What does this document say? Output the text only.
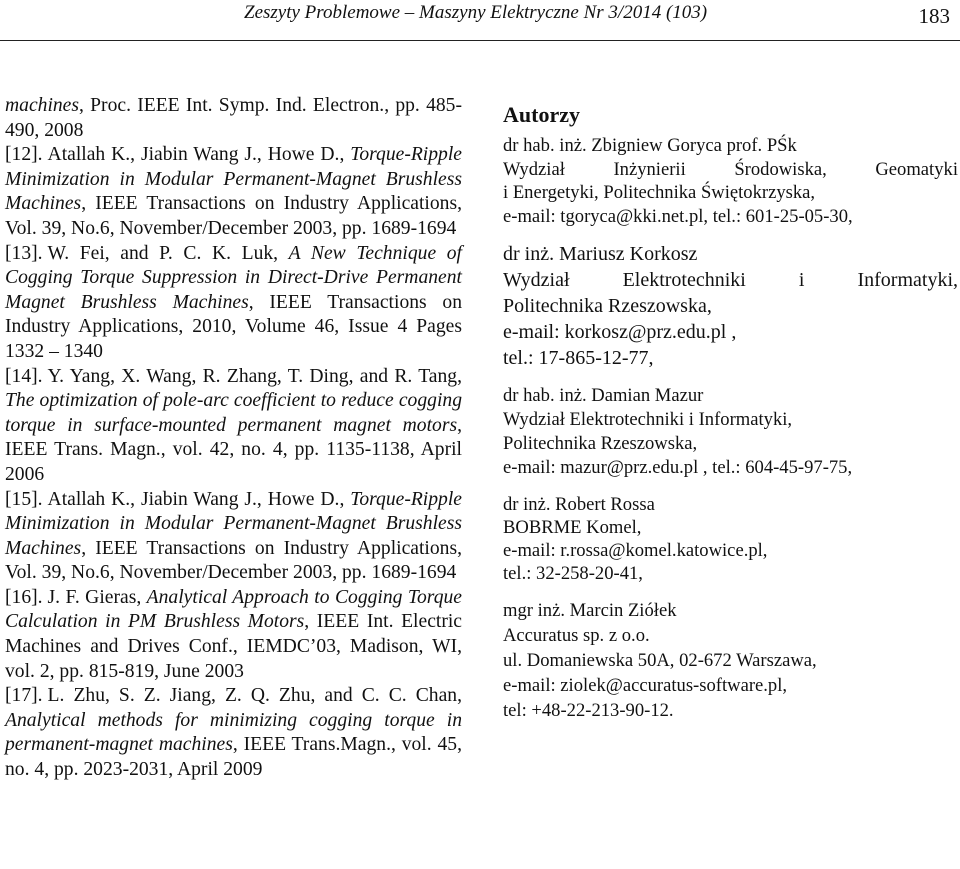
Zeszyty Problemowe – Maszyny Elektryczne Nr 3/2014 (103)	183

machines, Proc. IEEE Int. Symp. Ind. Electron., pp. 485-490, 2008

[12]. Atallah K., Jiabin Wang J., Howe D., Torque-Ripple Minimization in Modular Permanent-Magnet Brushless Machines, IEEE Transactions on Industry Applications, Vol. 39, No.6, November/December 2003, pp. 1689-1694

[13]. W. Fei, and P. C. K. Luk, A New Technique of Cogging Torque Suppression in Direct-Drive Permanent Magnet Brushless Machines, IEEE Transactions on Industry Applications, 2010, Volume 46, Issue 4 Pages 1332 – 1340

[14]. Y. Yang, X. Wang, R. Zhang, T. Ding, and R. Tang, The optimization of pole-arc coefficient to reduce cogging torque in surface-mounted permanent magnet motors, IEEE Trans. Magn., vol. 42, no. 4, pp. 1135-1138, April 2006

[15]. Atallah K., Jiabin Wang J., Howe D., Torque-Ripple Minimization in Modular Permanent-Magnet Brushless Machines, IEEE Transactions on Industry Applications, Vol. 39, No.6, November/December 2003, pp. 1689-1694

[16]. J. F. Gieras, Analytical Approach to Cogging Torque Calculation in PM Brushless Motors, IEEE Int. Electric Machines and Drives Conf., IEMDC’03, Madison, WI, vol. 2, pp. 815-819, June 2003

[17]. L. Zhu, S. Z. Jiang, Z. Q. Zhu, and C. C. Chan, Analytical methods for minimizing cogging torque in permanent-magnet machines, IEEE Trans.Magn., vol. 45, no. 4, pp. 2023-2031, April 2009

Autorzy
dr hab. inż. Zbigniew Goryca prof. PŚk
Wydział Inżynierii Środowiska, Geomatyki
i Energetyki, Politechnika Świętokrzyska,
e-mail: tgoryca@kki.net.pl, tel.: 601-25-05-30,
dr inż. Mariusz Korkosz
Wydział Elektrotechniki i Informatyki,
Politechnika Rzeszowska,
e-mail: korkosz@prz.edu.pl ,
tel.: 17-865-12-77,
dr hab. inż. Damian Mazur
Wydział Elektrotechniki i Informatyki,
Politechnika Rzeszowska,
e-mail: mazur@prz.edu.pl , tel.: 604-45-97-75,
dr inż. Robert Rossa
BOBRME Komel,
e-mail: r.rossa@komel.katowice.pl,
tel.: 32-258-20-41,
mgr inż. Marcin Ziółek
Accuratus sp. z o.o.
ul. Domaniewska 50A, 02-672 Warszawa,
e-mail: ziolek@accuratus-software.pl,
tel: +48-22-213-90-12.
